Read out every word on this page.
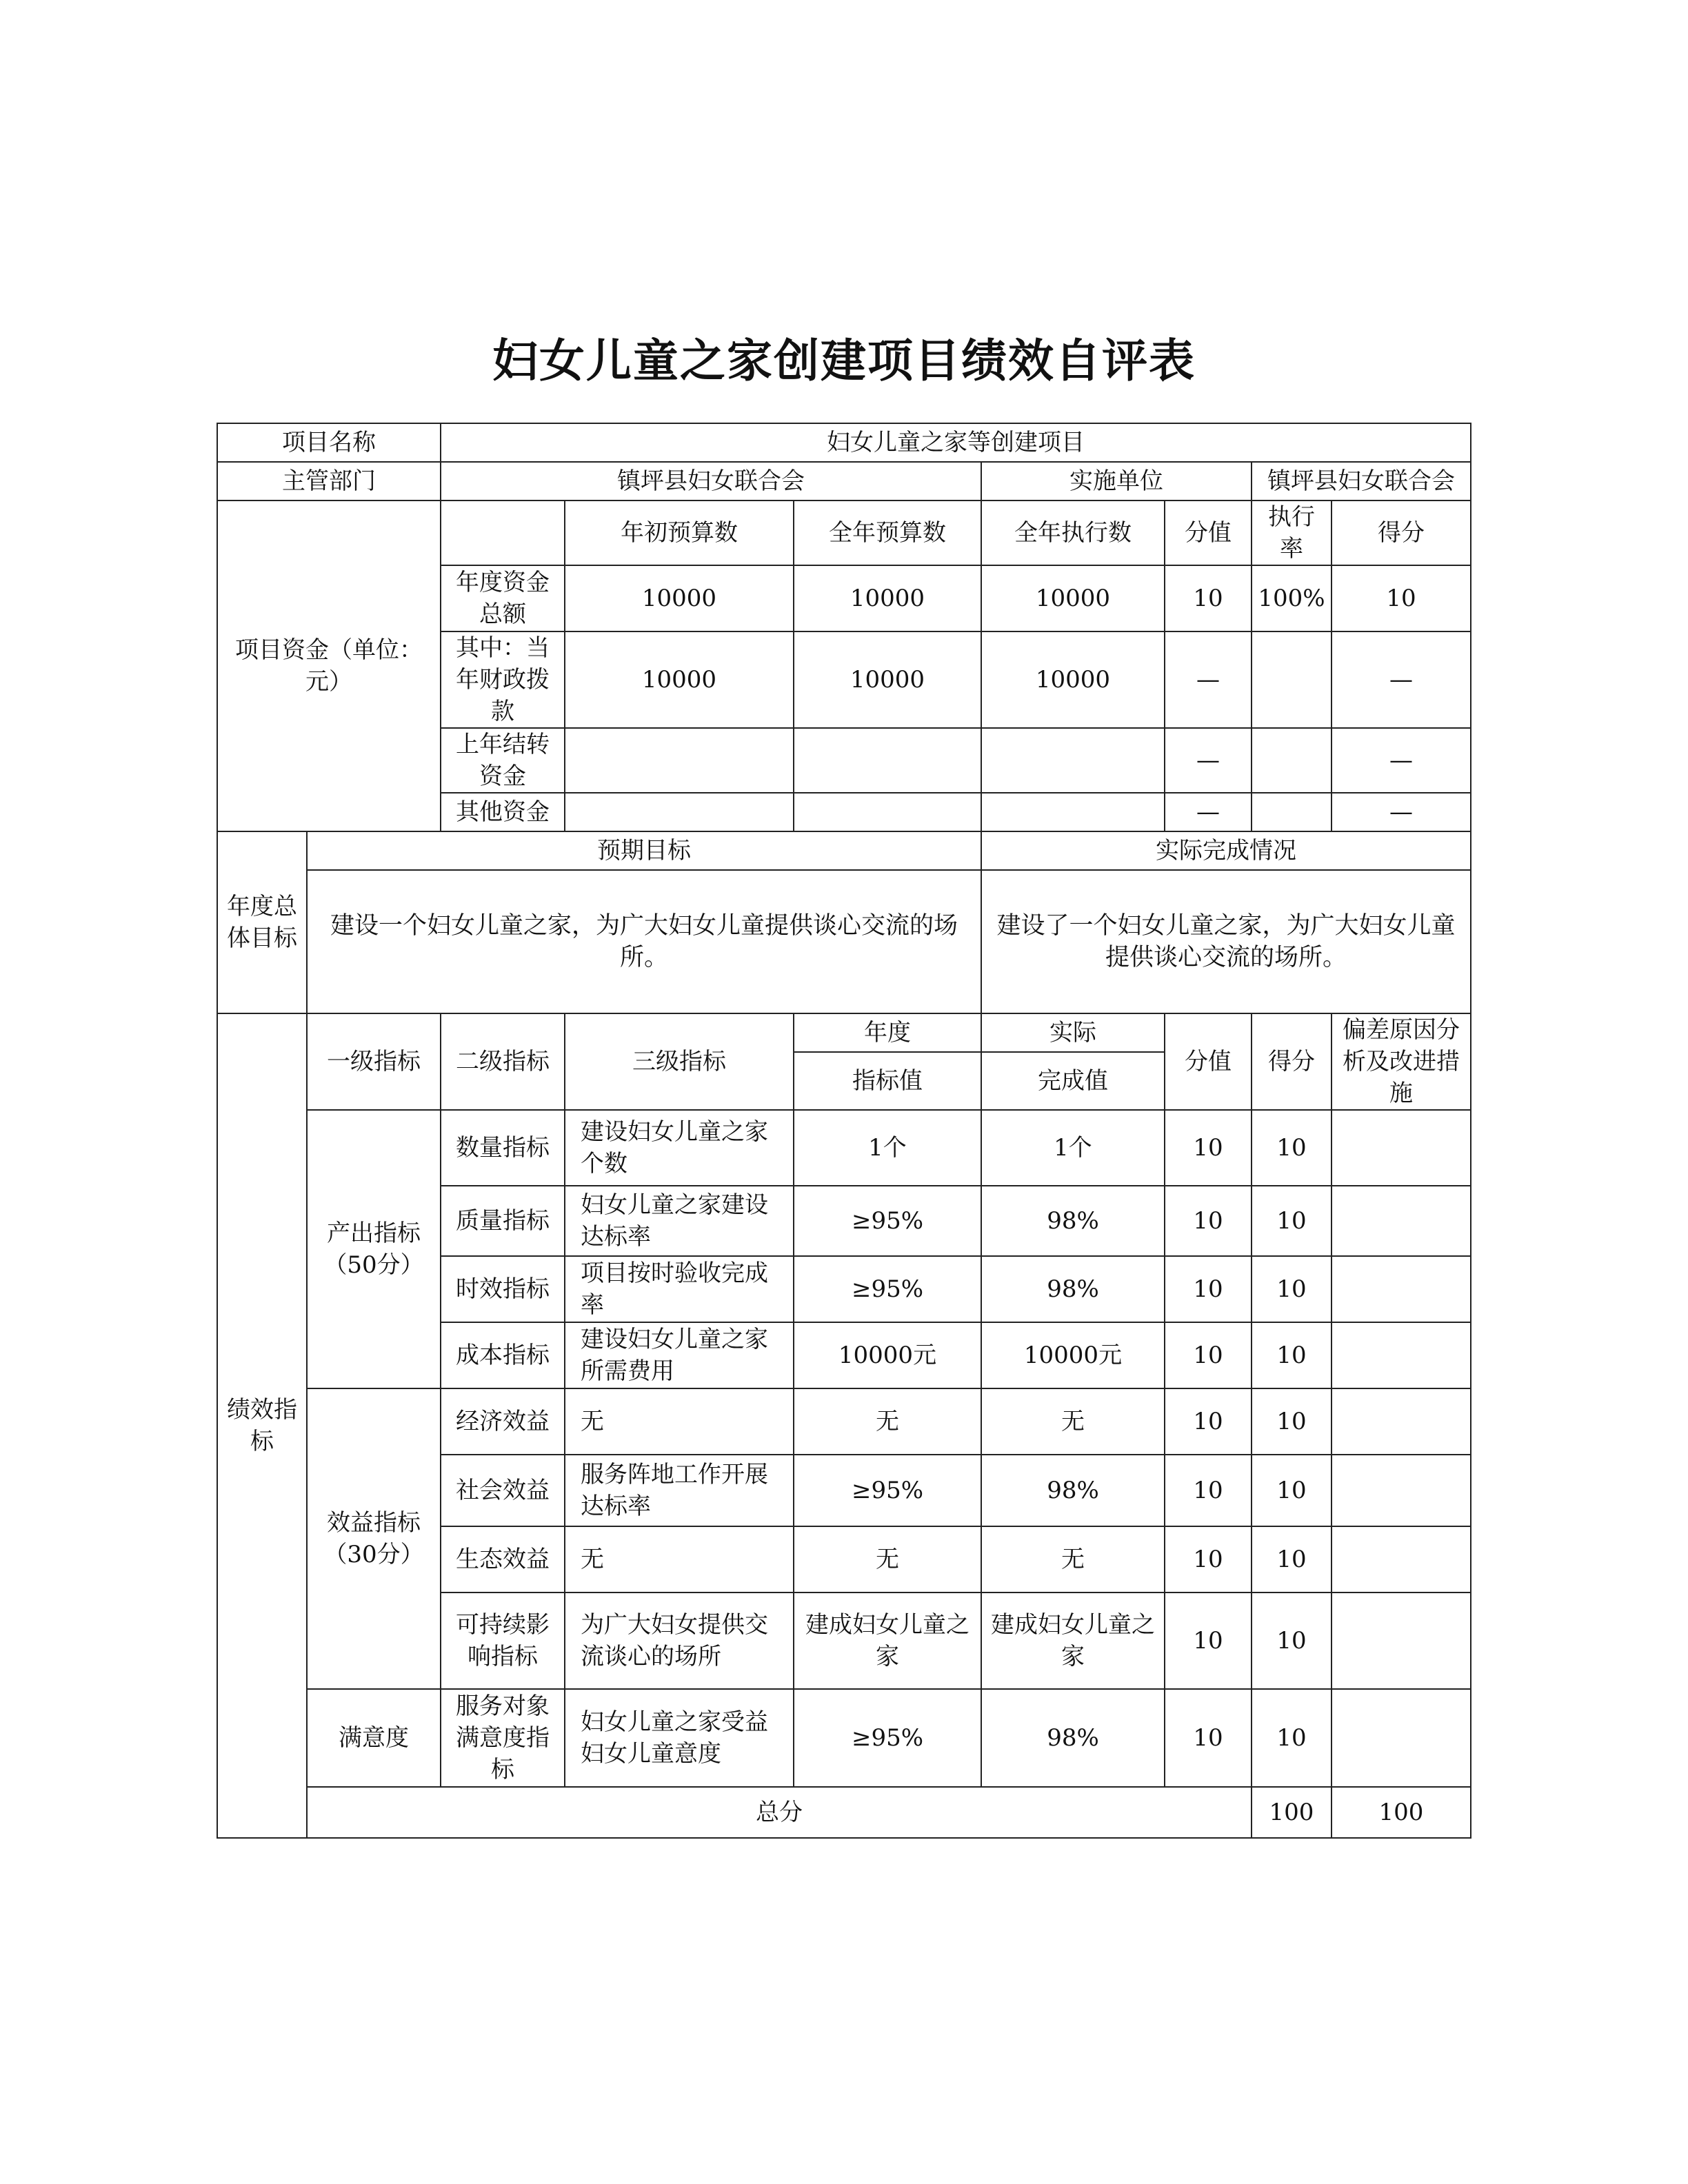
妇女儿童之家创建项目绩效自评表
项目名称		妇女儿童之家等创建项目							
主管部门		镇坪县妇女联合会			实施单位		镇坪县妇女联合会		
项目资金（单位：元）			年初预算数	全年预算数	全年执行数	分值	执行率	得分	
		年度资金总额	10000	10000	10000	10	100%	10	
		其中：当年财政拨款	10000	10000	10000	—		—	
		上年结转资金				—		—	
		其他资金				—		—	
年度总体目标	预期目标				实际完成情况				
	建设一个妇女儿童之家，为广大妇女儿童提供谈心交流的场所。				建设了一个妇女儿童之家，为广大妇女儿童提供谈心交流的场所。				
绩效指标	一级指标	二级指标	三级指标	年度	实际	分值	得分	偏差原因分析及改进措施	
				指标值	完成值				
	产出指标（50分）	数量指标	建设妇女儿童之家个数	1个	1个	10	10		
		质量指标	妇女儿童之家建设达标率	≥95%	98%	10	10		
		时效指标	项目按时验收完成率	≥95%	98%	10	10		
		成本指标	建设妇女儿童之家所需费用	10000元	10000元	10	10		
	效益指标（30分）	经济效益	无	无	无	10	10		
		社会效益	服务阵地工作开展达标率	≥95%	98%	10	10		
		生态效益	无	无	无	10	10		
		可持续影响指标	为广大妇女提供交流谈心的场所	建成妇女儿童之家	建成妇女儿童之家	10	10		
	满意度	服务对象满意度指标	妇女儿童之家受益妇女儿童意度	≥95%	98%	10	10		
	总分						100	100	
